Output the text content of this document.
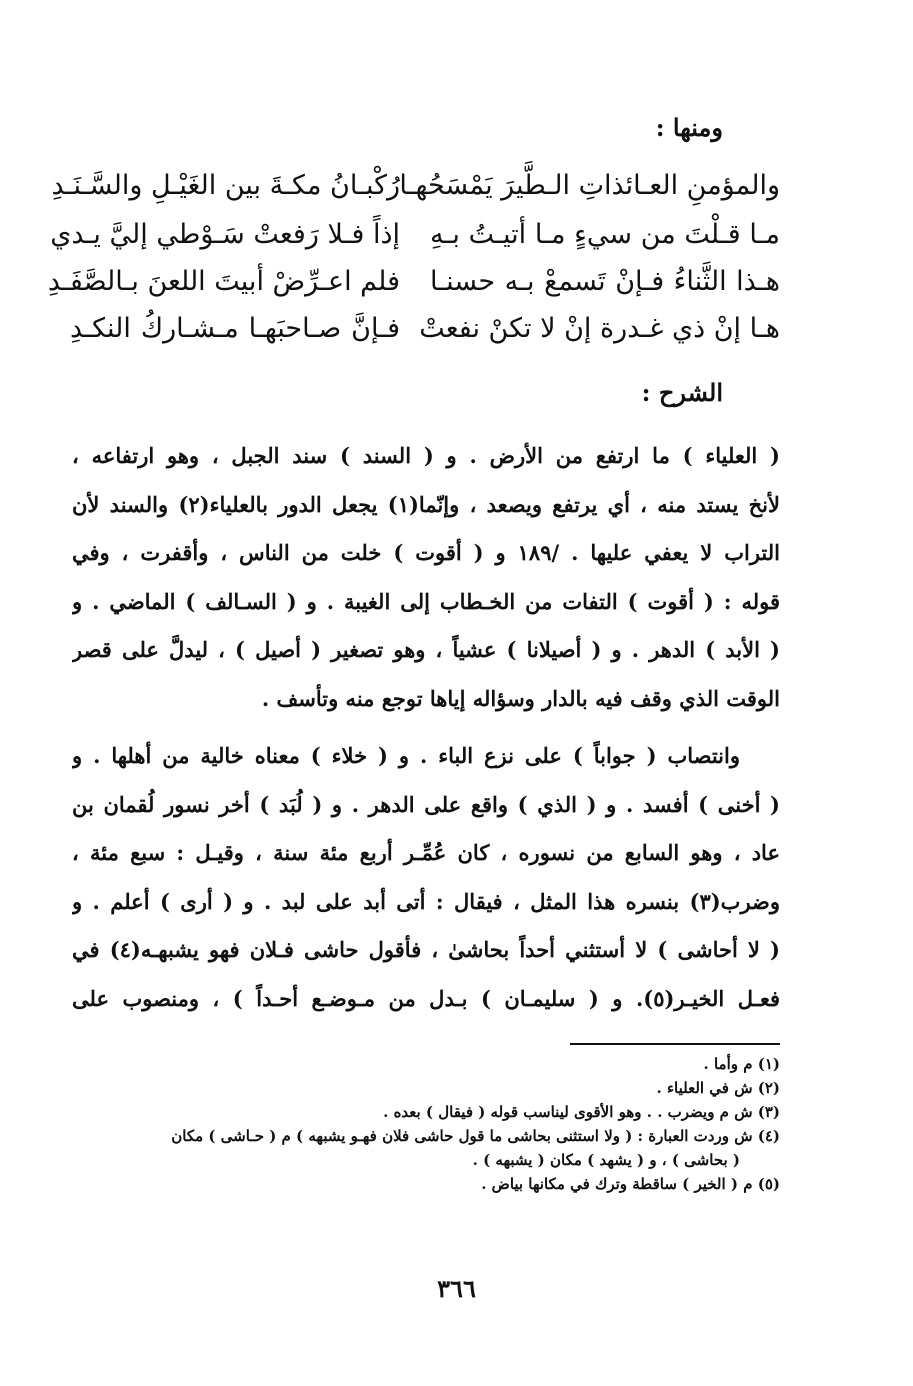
ومنها :
والمؤمنِ العـائذاتِ الـطَّيرَ يَمْسَحُهـا
رُكْبـانُ مكـةَ بين الغَيْـلِ والسَّـنَـدِ
مـا قـلْتَ من سيءٍ مـا أتيـتُ بـهِ
إذاً فـلا رَفعتْ سَـوْطي إليَّ يـدي
هـذا الثَّناءُ فـإنْ تَسمعْ بـه حسنـا
فلم اعـرِّضْ أبيتَ اللعنَ بـالصَّفَـدِ
هـا إنْ ذي غـدرة إنْ لا تكنْ نفعتْ
فـإنَّ صـاحبَهـا مـشـاركُ النكـدِ
الشرح :
( العلياء ) ما ارتفع من الأرض . و ( السند ) سند الجبل ، وهو ارتفاعه ،
لأنخ يستد منه ، أي يرتفع ويصعد ، وإنّما(١) يجعل الدور بالعلياء(٢) والسند لأن
التراب لا يعفي عليها . /١٨٩ و ( أقوت ) خلت من الناس ، وأقفرت ، وفي
قوله : ( أقوت ) التفات من الخـطاب إلى الغيبة . و ( السـالف ) الماضي . و
( الأبد ) الدهر . و ( أصيلانا ) عشياً ، وهو تصغير ( أصيل ) ، ليدلَّ على قصر
الوقت الذي وقف فيه بالدار وسؤاله إياها توجع منه وتأسف .
وانتصاب ( جواباً ) على نزع الباء . و ( خلاء ) معناه خالية من أهلها . و
( أخنى ) أفسد . و ( الذي ) واقع على الدهر . و ( لُبَد ) أخر نسور لُقمان بن
عاد ، وهو السابع من نسوره ، كان عُمِّـر أربع مئة سنة ، وقيـل : سبع مئة ،
وضرب(٣) بنسره هذا المثل ، فيقال : أتى أبد على لبد . و ( أرى ) أعلم . و
( لا أحاشى ) لا أستثني أحداً بحاشىٰ ، فأقول حاشى فـلان فهو يشبهـه(٤) في
فعـل الخيـر(٥). و ( سليمـان ) بـدل من مـوضـع أحـداً ) ، ومنصوب على
(١) م وأما .
(٢) ش في العلياء .
(٣) ش م ويضرب . . وهو الأقوى ليناسب قوله ( فيقال ) بعده .
(٤) ش وردت العبارة : ( ولا استثنى بحاشى ما قول حاشى فلان فهـو يشبهه ) م ( حـاشى ) مكان
( بحاشى ) ، و ( يشهد ) مكان ( يشبهه ) .
(٥) م ( الخير ) ساقطة وترك في مكانها بياض .
٣٦٦
